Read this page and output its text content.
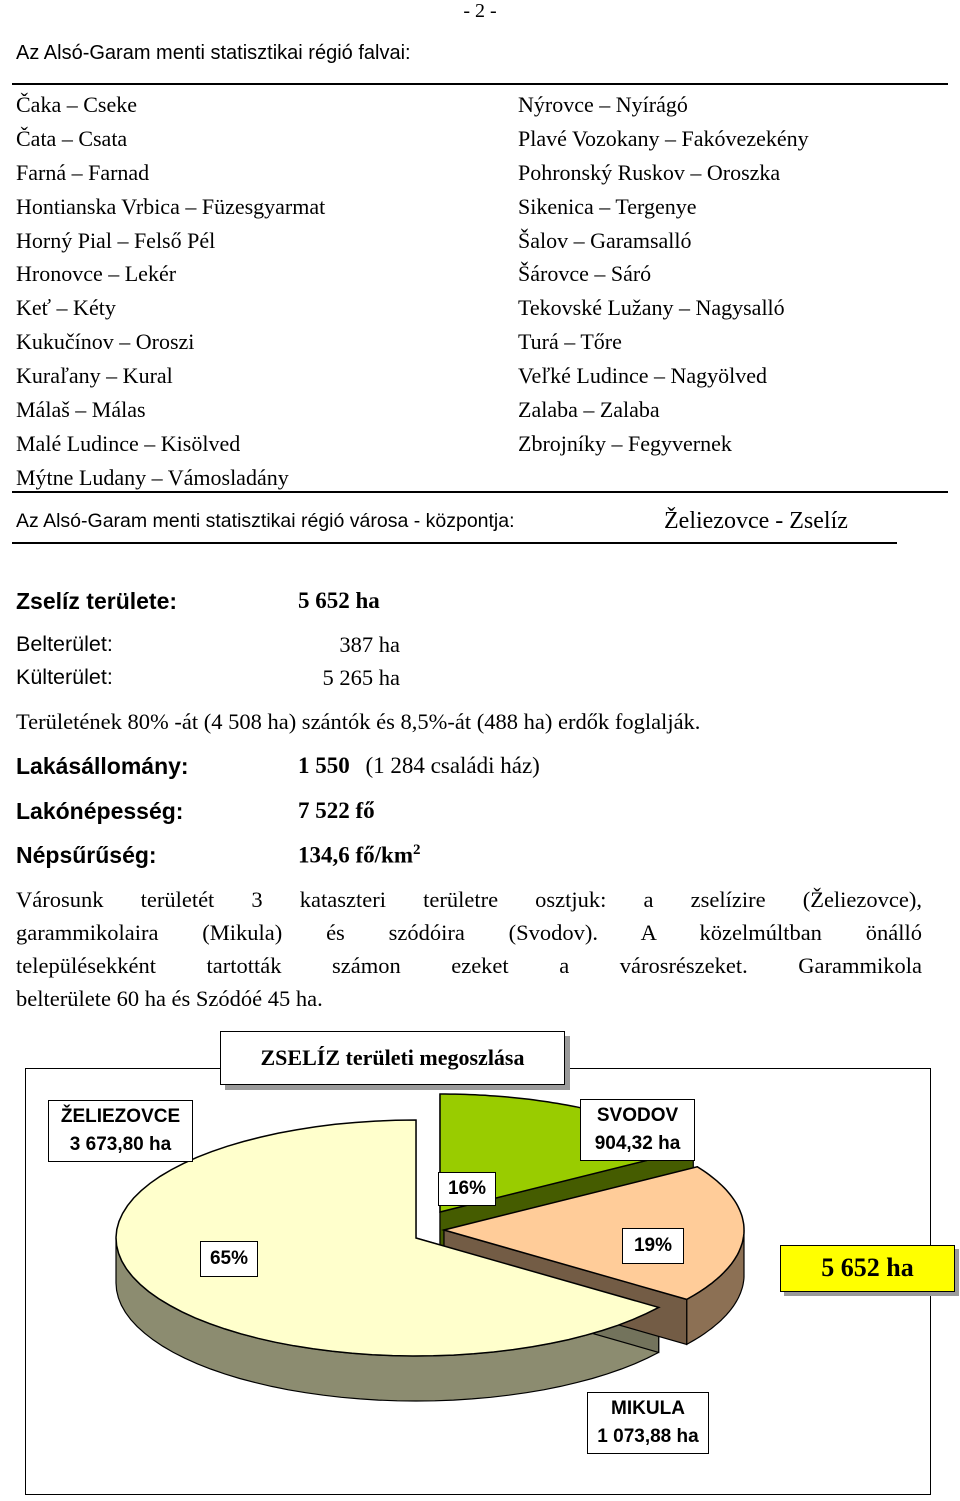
- 2 -
Az Alsó-Garam menti statisztikai régió falvai:
Čaka – Cseke
Čata – Csata
Farná – Farnad
Hontianska Vrbica – Füzesgyarmat
Horný Pial – Felső Pél
Hronovce – Lekér
Keť – Kéty
Kukučínov – Oroszi
Kuraľany – Kural
Málaš – Málas
Malé Ludince – Kisölved
Mýtne Ludany – Vámosladány
Nýrovce – Nyírágó
Plavé Vozokany – Fakóvezekény
Pohronský Ruskov – Oroszka
Sikenica – Tergenye
Šalov – Garamsalló
Šárovce – Sáró
Tekovské Lužany – Nagysalló
Turá – Tőre
Veľké Ludince – Nagyölved
Zalaba – Zalaba
Zbrojníky – Fegyvernek
Az Alsó-Garam menti statisztikai régió városa - központja:	Želiezovce - Zselíz
Zselíz területe:	5 652 ha
Belterület:	387 ha
Külterület:	5 265 ha
Területének 80% -át (4 508 ha) szántók és 8,5%-át (488 ha) erdők foglalják.
Lakásállomány:	1 550 (1 284 családi ház)
Lakónépesség:	7 522 fő
Népsűrűség:	134,6 $fő/km^2$
Városunk területét 3 kataszteri területre osztjuk: a zselízire (Želiezovce),
garammikolaira (Mikula) és szódóira (Svodov). A közelmúltban önálló
településekként tartották számon ezeket a városrészeket. Garammikola
belterülete 60 ha és Szódóé 45 ha.
ZSELÍZ területi megoszlása
ŽELIEZOVCE
3 673,80 ha
SVODOV
904,32 ha
MIKULA
1 073,88 ha
16%
65%
19%
5 652 ha
